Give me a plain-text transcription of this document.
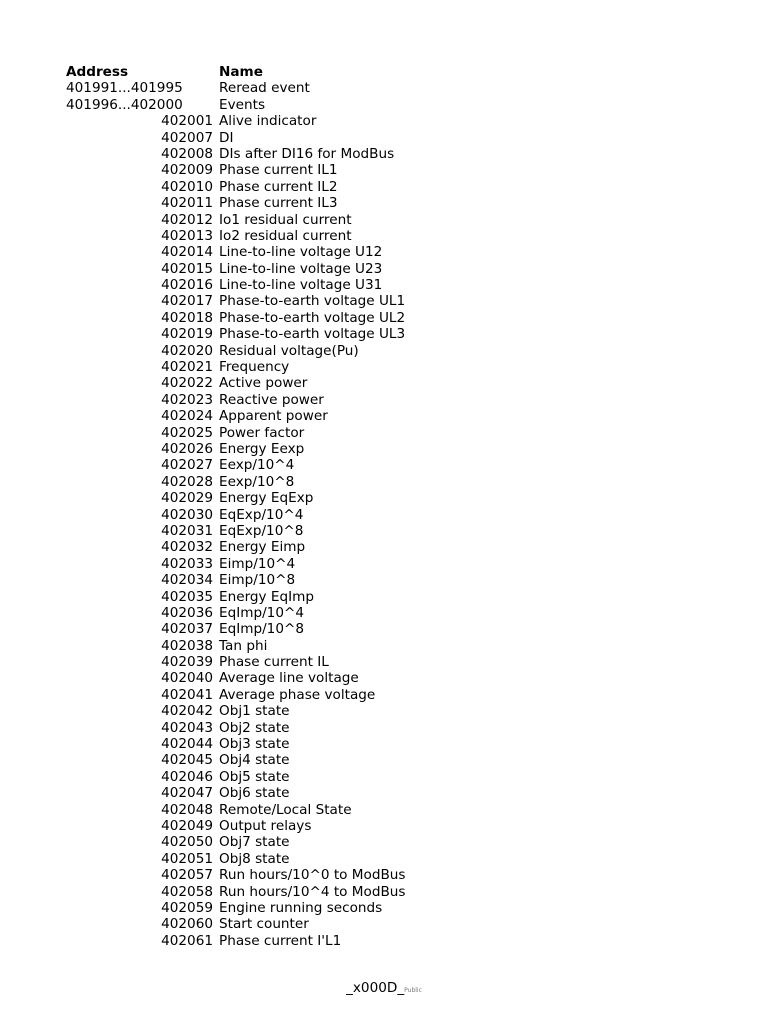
Address	Name
401991...401995	Reread event
401996...402000	Events
402001 Alive indicator
402007 DI
402008 DIs after DI16 for ModBus
402009 Phase current IL1
402010 Phase current IL2
402011 Phase current IL3
402012 Io1 residual current
402013 Io2 residual current
402014 Line-to-line voltage U12
402015 Line-to-line voltage U23
402016 Line-to-line voltage U31
402017 Phase-to-earth voltage UL1
402018 Phase-to-earth voltage UL2
402019 Phase-to-earth voltage UL3
402020 Residual voltage(Pu)
402021 Frequency
402022 Active power
402023 Reactive power
402024 Apparent power
402025 Power factor
402026 Energy Eexp
402027 Eexp/10^4
402028 Eexp/10^8
402029 Energy EqExp
402030 EqExp/10^4
402031 EqExp/10^8
402032 Energy Eimp
402033 Eimp/10^4
402034 Eimp/10^8
402035 Energy EqImp
402036 EqImp/10^4
402037 EqImp/10^8
402038 Tan phi
402039 Phase current IL
402040 Average line voltage
402041 Average phase voltage
402042 Obj1 state
402043 Obj2 state
402044 Obj3 state
402045 Obj4 state
402046 Obj5 state
402047 Obj6 state
402048 Remote/Local State
402049 Output relays
402050 Obj7 state
402051 Obj8 state
402057 Run hours/10^0 to ModBus
402058 Run hours/10^4 to ModBus
402059 Engine running seconds
402060 Start counter
402061 Phase current I'L1
_x000D_Public
